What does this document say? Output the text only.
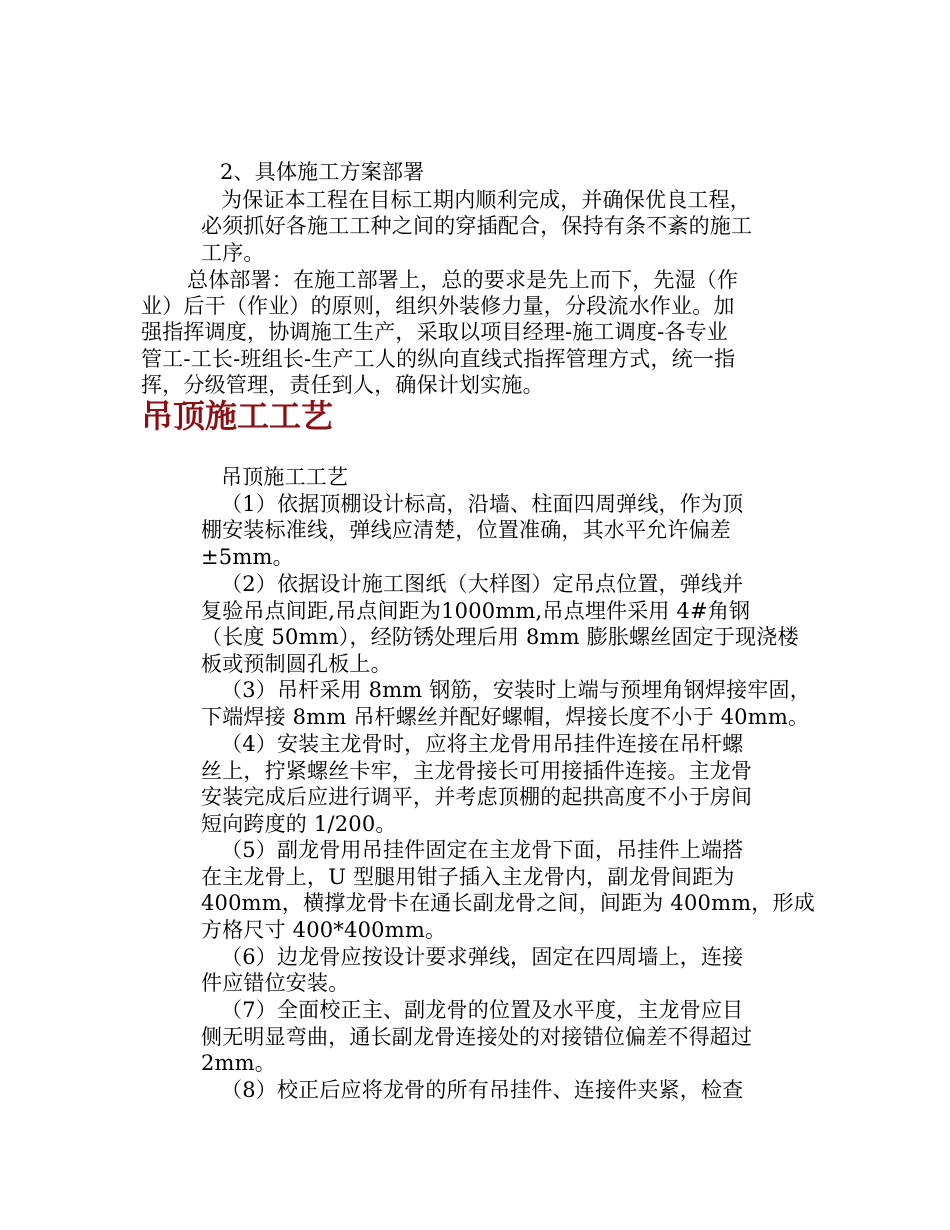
2、具体施工方案部署
为保证本工程在目标工期内顺利完成，并确保优良工程，
必须抓好各施工工种之间的穿插配合，保持有条不紊的施工
工序。
总体部署：在施工部署上，总的要求是先上而下，先湿（作
业）后干（作业）的原则，组织外装修力量，分段流水作业。加
强指挥调度，协调施工生产，采取以项目经理-施工调度-各专业
管工-工长-班组长-生产工人的纵向直线式指挥管理方式，统一指
挥，分级管理，责任到人，确保计划实施。
吊顶施工工艺
吊顶施工工艺
（1）依据顶棚设计标高，沿墙、柱面四周弹线，作为顶
棚安装标准线，弹线应清楚，位置准确，其水平允许偏差
±5mm。
（2）依据设计施工图纸（大样图）定吊点位置，弹线并
复验吊点间距,吊点间距为1000mm,吊点埋件采用 4#角钢
（长度 50mm），经防锈处理后用 8mm 膨胀螺丝固定于现浇楼
板或预制圆孔板上。
（3）吊杆采用 8mm 钢筋，安装时上端与预埋角钢焊接牢固，
下端焊接 8mm 吊杆螺丝并配好螺帽，焊接长度不小于 40mm。
（4）安装主龙骨时，应将主龙骨用吊挂件连接在吊杆螺
丝上，拧紧螺丝卡牢，主龙骨接长可用接插件连接。主龙骨
安装完成后应进行调平，并考虑顶棚的起拱高度不小于房间
短向跨度的 1/200。
（5）副龙骨用吊挂件固定在主龙骨下面，吊挂件上端搭
在主龙骨上，U 型腿用钳子插入主龙骨内，副龙骨间距为
400mm，横撑龙骨卡在通长副龙骨之间，间距为 400mm，形成
方格尺寸 400*400mm。
（6）边龙骨应按设计要求弹线，固定在四周墙上，连接
件应错位安装。
（7）全面校正主、副龙骨的位置及水平度，主龙骨应目
侧无明显弯曲，通长副龙骨连接处的对接错位偏差不得超过
2mm。
（8）校正后应将龙骨的所有吊挂件、连接件夹紧，检查
